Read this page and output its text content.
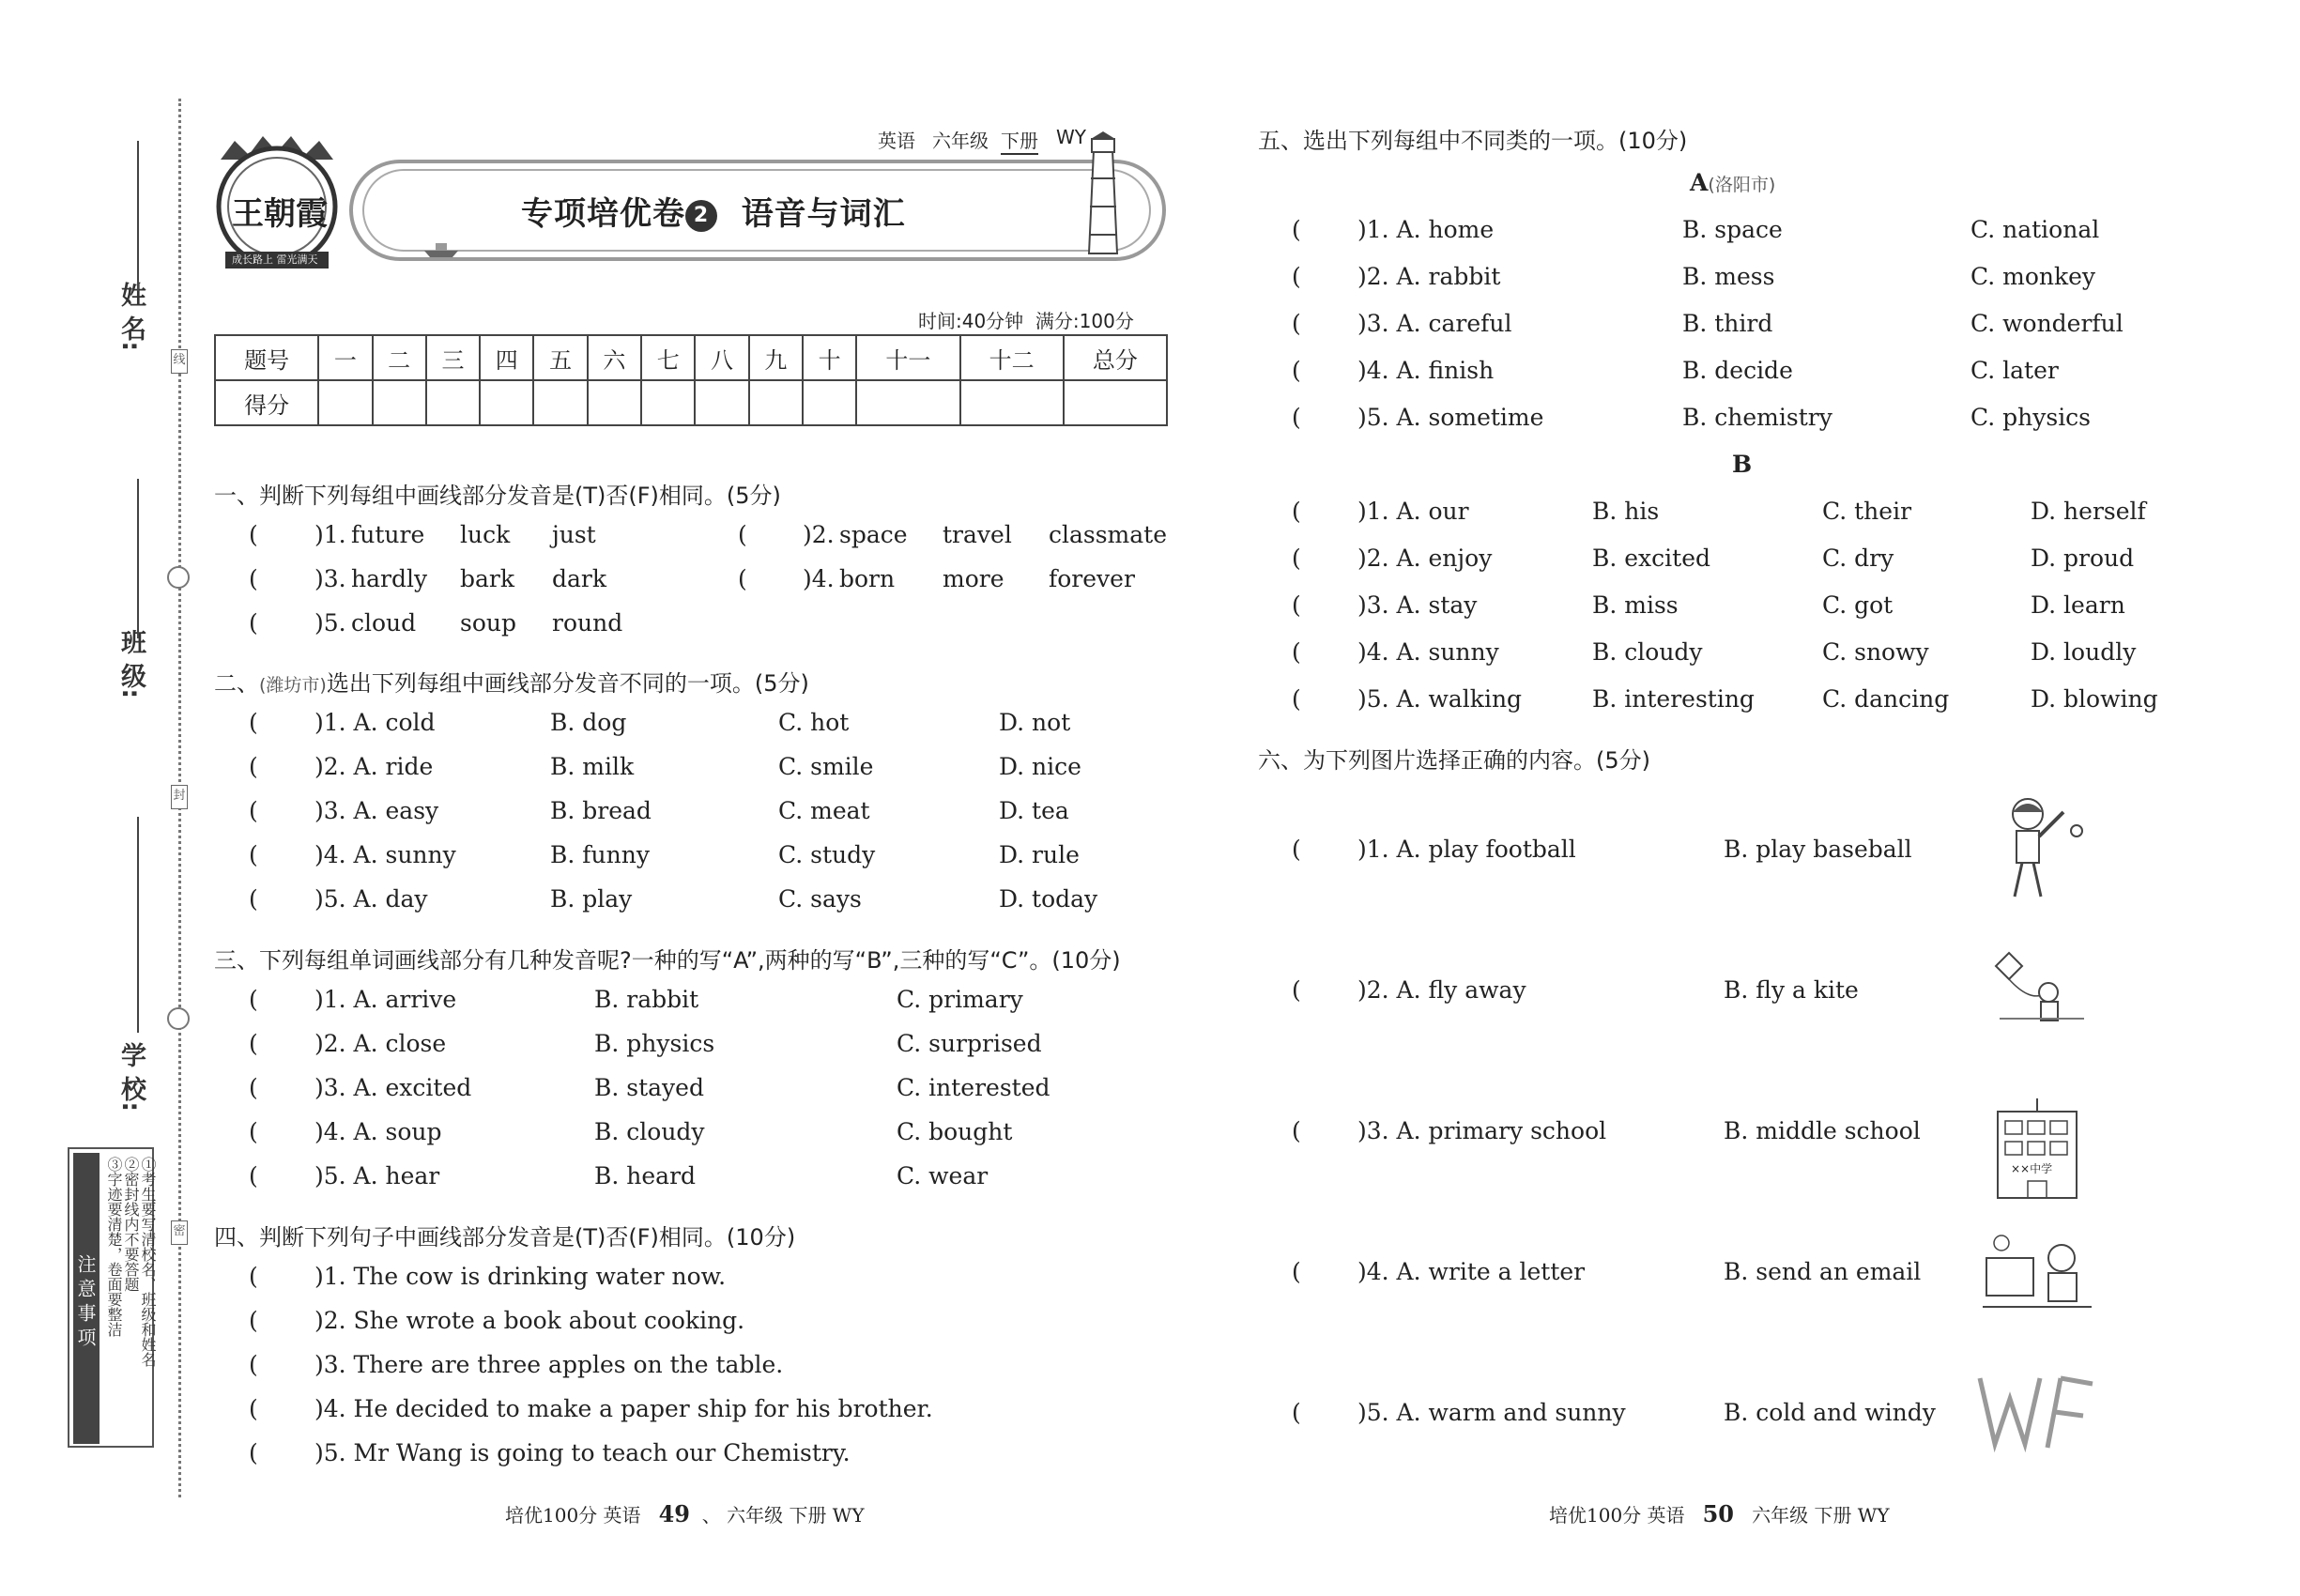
姓 名:
班 级:
学 校:
线
封
密
注意事项	①考生要写清校名、班级和姓名
②密封线内不要答题
③字迹要清楚，卷面要整洁
王朝霞
成长路上 雷光满天
英语 六年级 下册 WY
专项培优卷 2 语音与词汇
时间:40分钟  满分:100分
题号	一	二	三	四	五	六	七	八	九	十	十一	十二	总分
得分													
一、判断下列每组中画线部分发音是(T)否(F)相同。(5分)
( )1. future luck just	( )2. space travel classmate
( )3. hardly bark dark	( )4. born more forever
( )5. cloud soup round
二、(潍坊市)选出下列每组中画线部分发音不同的一项。(5分)
( )1. A. cold	B. dog	C. hot	D. not
( )2. A. ride	B. milk	C. smile	D. nice
( )3. A. easy	B. bread	C. meat	D. tea
( )4. A. sunny	B. funny	C. study	D. rule
( )5. A. day	B. play	C. says	D. today
三、下列每组单词画线部分有几种发音呢?一种的写“A”,两种的写“B”,三种的写“C”。(10分)
( )1. A. arrive	B. rabbit	C. primary
( )2. A. close	B. physics	C. surprised
( )3. A. excited	B. stayed	C. interested
( )4. A. soup	B. cloudy	C. bought
( )5. A. hear	B. heard	C. wear
四、判断下列句子中画线部分发音是(T)否(F)相同。(10分)
( )1. The cow is drinking water now.
( )2. She wrote a book about cooking.
( )3. There are three apples on the table.
( )4. He decided to make a paper ship for his brother.
( )5. Mr Wang is going to teach our Chemistry.
培优100分 英语 49  、 六年级 下册 WY
五、选出下列每组中不同类的一项。(10分)
A(洛阳市)
( )1. A. home	B. space	C. national
( )2. A. rabbit	B. mess	C. monkey
( )3. A. careful	B. third	C. wonderful
( )4. A. finish	B. decide	C. later
( )5. A. sometime	B. chemistry	C. physics
B
( )1. A. our	B. his	C. their	D. herself
( )2. A. enjoy	B. excited	C. dry	D. proud
( )3. A. stay	B. miss	C. got	D. learn
( )4. A. sunny	B. cloudy	C. snowy	D. loudly
( )5. A. walking	B. interesting	C. dancing	D. blowing
六、为下列图片选择正确的内容。(5分)
( )1. A. play football	B. play baseball
( )2. A. fly away	B. fly a kite
( )3. A. primary school	B. middle school
××中学
( )4. A. write a letter	B. send an email
( )5. A. warm and sunny	B. cold and windy
培优100分 英语 50 六年级 下册 WY
